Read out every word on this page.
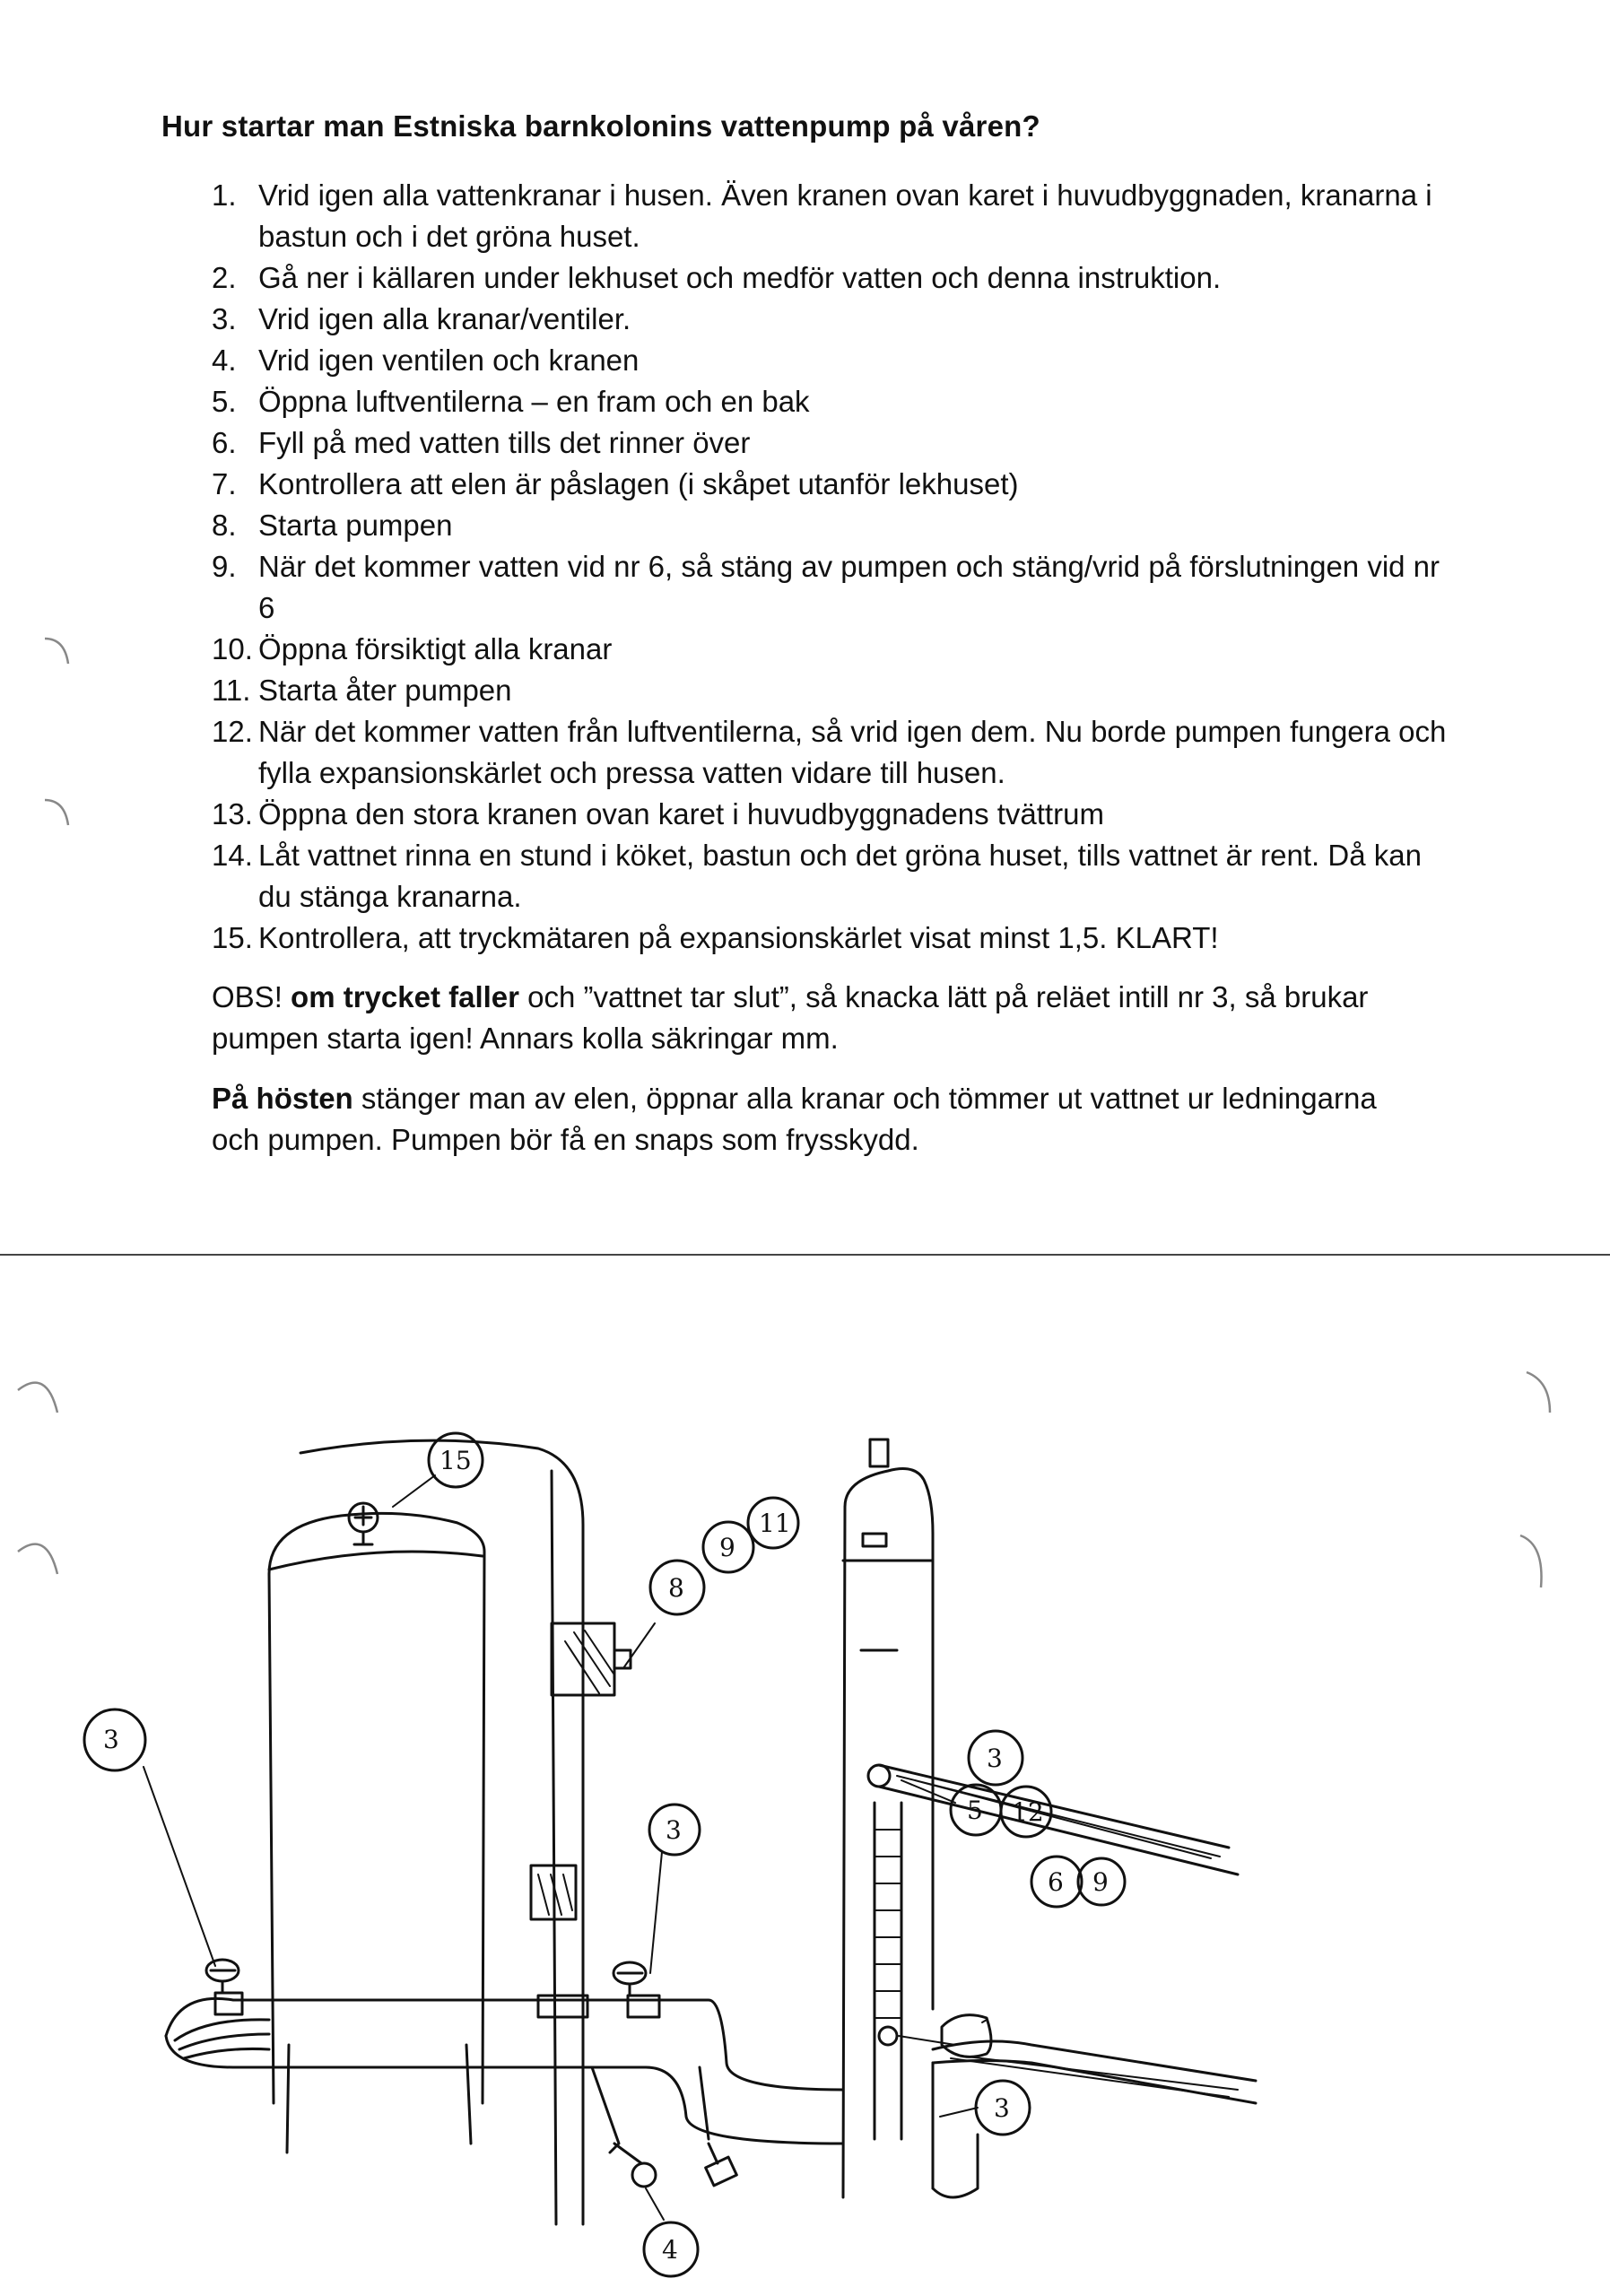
Hur startar man Estniska barnkolonins vattenpump på våren?
1. Vrid igen alla vattenkranar i husen. Även kranen ovan karet i huvudbyggnaden, kranarna i bastun och i det gröna huset.
2. Gå ner i källaren under lekhuset och medför vatten och denna instruktion.
3. Vrid igen alla kranar/ventiler.
4. Vrid igen ventilen och kranen
5. Öppna luftventilerna – en fram och en bak
6. Fyll på med vatten tills det rinner över
7. Kontrollera att elen är påslagen (i skåpet utanför lekhuset)
8. Starta pumpen
9. När det kommer vatten vid nr 6, så stäng av pumpen och stäng/vrid på förslutningen vid nr 6
10. Öppna försiktigt alla kranar
11. Starta åter pumpen
12. När det kommer vatten från luftventilerna, så vrid igen dem. Nu borde pumpen fungera och fylla expansionskärlet och pressa vatten vidare till husen.
13. Öppna den stora kranen ovan karet i huvudbyggnadens tvättrum
14. Låt vattnet rinna en stund i köket, bastun och det gröna huset, tills vattnet är rent. Då kan du stänga kranarna.
15. Kontrollera, att tryckmätaren på expansionskärlet visat minst 1,5. KLART!

OBS! om trycket faller och ”vattnet tar slut”, så knacka lätt på reläet intill nr 3, så brukar pumpen starta igen! Annars kolla säkringar mm.

På hösten stänger man av elen, öppnar alla kranar och tömmer ut vattnet ur ledningarna och pumpen. Pumpen bör få en snaps som frysskydd.

3
15
8
9
11
3
3
5 12
6 9
3
4
